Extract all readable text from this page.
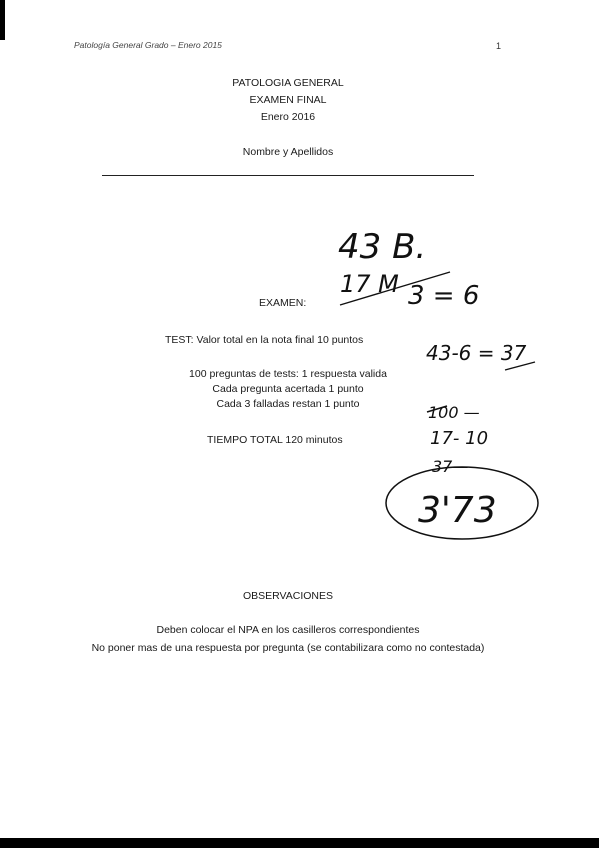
Patología General Grado – Enero 2015	1
PATOLOGIA GENERAL
EXAMEN FINAL
Enero 2016
Nombre y Apellidos
EXAMEN:
TEST: Valor total en la nota final 10 puntos
100 preguntas de tests: 1 respuesta valida
Cada pregunta acertada 1 punto
Cada 3 falladas restan 1 punto
TIEMPO TOTAL 120 minutos
OBSERVACIONES
Deben colocar el NPA en los casilleros correspondientes
No poner mas de una respuesta por pregunta (se contabilizara como no contestada)
43 B.
17 M 3 = 6
43-6 = 37
100 —
17- 10
37—
3'73
